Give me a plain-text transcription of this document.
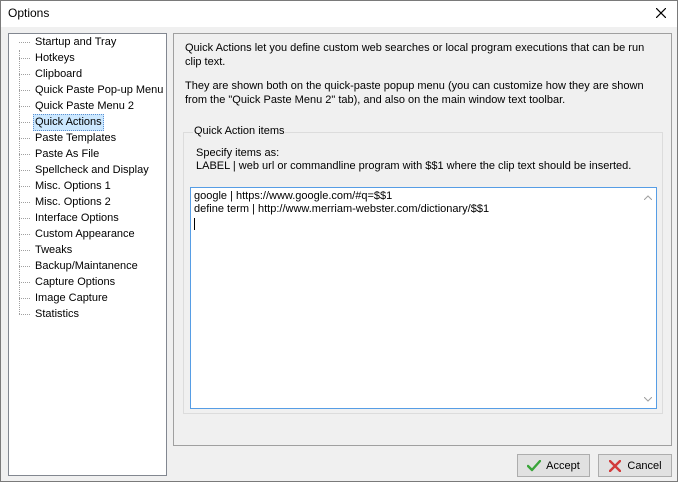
Options
Startup and Tray
Hotkeys
Clipboard
Quick Paste Pop-up Menu
Quick Paste Menu 2
Quick Actions
Paste Templates
Paste As File
Spellcheck and Display
Misc. Options 1
Misc. Options 2
Interface Options
Custom Appearance
Tweaks
Backup/Maintanence
Capture Options
Image Capture
Statistics
Quick Actions let you define custom web searches or local program executions that can be run clip text.
They are shown both on the quick-paste popup menu (you can customize how they are shown from the "Quick Paste Menu 2" tab), and also on the main window text toolbar.
Quick Action items
Specify items as:
LABEL | web url or commandline program with $$1 where the clip text should be inserted.
google | https://www.google.com/#q=$$1
define term | http://www.merriam-webster.com/dictionary/$$1
Accept	Cancel
